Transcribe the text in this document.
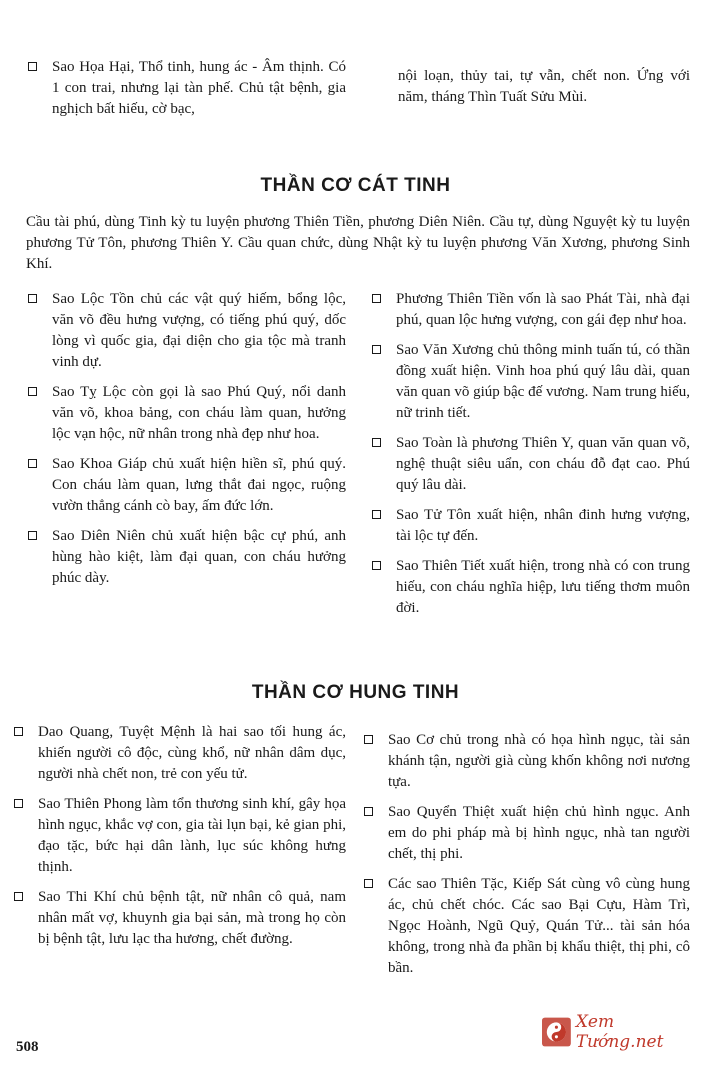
Sao Họa Hại, Thổ tinh, hung ác - Âm thịnh. Có 1 con trai, nhưng lại tàn phế. Chủ tật bệnh, gia nghịch bất hiếu, cờ bạc,

nội loạn, thủy tai, tự vẫn, chết non. Ứng với năm, tháng Thìn Tuất Sửu Mùi.

THẦN CƠ CÁT TINH

Cầu tài phú, dùng Tinh kỳ tu luyện phương Thiên Tiền, phương Diên Niên. Cầu tự, dùng Nguyệt kỳ tu luyện phương Tử Tôn, phương Thiên Y. Cầu quan chức, dùng Nhật kỳ tu luyện phương Văn Xương, phương Sinh Khí.

Sao Lộc Tồn chủ các vật quý hiếm, bổng lộc, văn võ đều hưng vượng, có tiếng phú quý, dốc lòng vì quốc gia, đại diện cho gia tộc mà tranh vinh dự.
Sao Tỵ Lộc còn gọi là sao Phú Quý, nổi danh văn võ, khoa bảng, con cháu làm quan, hưởng lộc vạn hộc, nữ nhân trong nhà đẹp như hoa.
Sao Khoa Giáp chủ xuất hiện hiền sĩ, phú quý. Con cháu làm quan, lưng thắt đai ngọc, ruộng vườn thẳng cánh cò bay, ấm đức lớn.
Sao Diên Niên chủ xuất hiện bậc cự phú, anh hùng hào kiệt, làm đại quan, con cháu hưởng phúc dày.
Phương Thiên Tiền vốn là sao Phát Tài, nhà đại phú, quan lộc hưng vượng, con gái đẹp như hoa.
Sao Văn Xương chủ thông minh tuấn tú, có thần đồng xuất hiện. Vinh hoa phú quý lâu dài, quan văn quan võ giúp bậc đế vương. Nam trung hiếu, nữ trinh tiết.
Sao Toàn là phương Thiên Y, quan văn quan võ, nghệ thuật siêu uẩn, con cháu đỗ đạt cao. Phú quý lâu dài.
Sao Tử Tôn xuất hiện, nhân đinh hưng vượng, tài lộc tự đến.
Sao Thiên Tiết xuất hiện, trong nhà có con trung hiếu, con cháu nghĩa hiệp, lưu tiếng thơm muôn đời.
THẦN CƠ HUNG TINH
Dao Quang, Tuyệt Mệnh là hai sao tối hung ác, khiến người cô độc, cùng khổ, nữ nhân dâm dục, người nhà chết non, trẻ con yếu tử.
Sao Thiên Phong làm tổn thương sinh khí, gây họa hình ngục, khắc vợ con, gia tài lụn bại, kẻ gian phi, đạo tặc, bức hại dân lành, lục súc không hưng thịnh.
Sao Thi Khí chủ bệnh tật, nữ nhân cô quả, nam nhân mất vợ, khuynh gia bại sản, mà trong họ còn bị bệnh tật, lưu lạc tha hương, chết đường.
Sao Cơ chủ trong nhà có họa hình ngục, tài sản khánh tận, người già cùng khốn không nơi nương tựa.
Sao Quyển Thiệt xuất hiện chủ hình ngục. Anh em do phi pháp mà bị hình ngục, nhà tan người chết, thị phi.
Các sao Thiên Tặc, Kiếp Sát cùng vô cùng hung ác, chủ chết chóc. Các sao Bại Cựu, Hàm Trì, Ngọc Hoành, Ngũ Quỷ, Quán Tử... tài sản hóa không, trong nhà đa phần bị khẩu thiệt, thị phi, cô bần.
508
Xem Tướng.net
